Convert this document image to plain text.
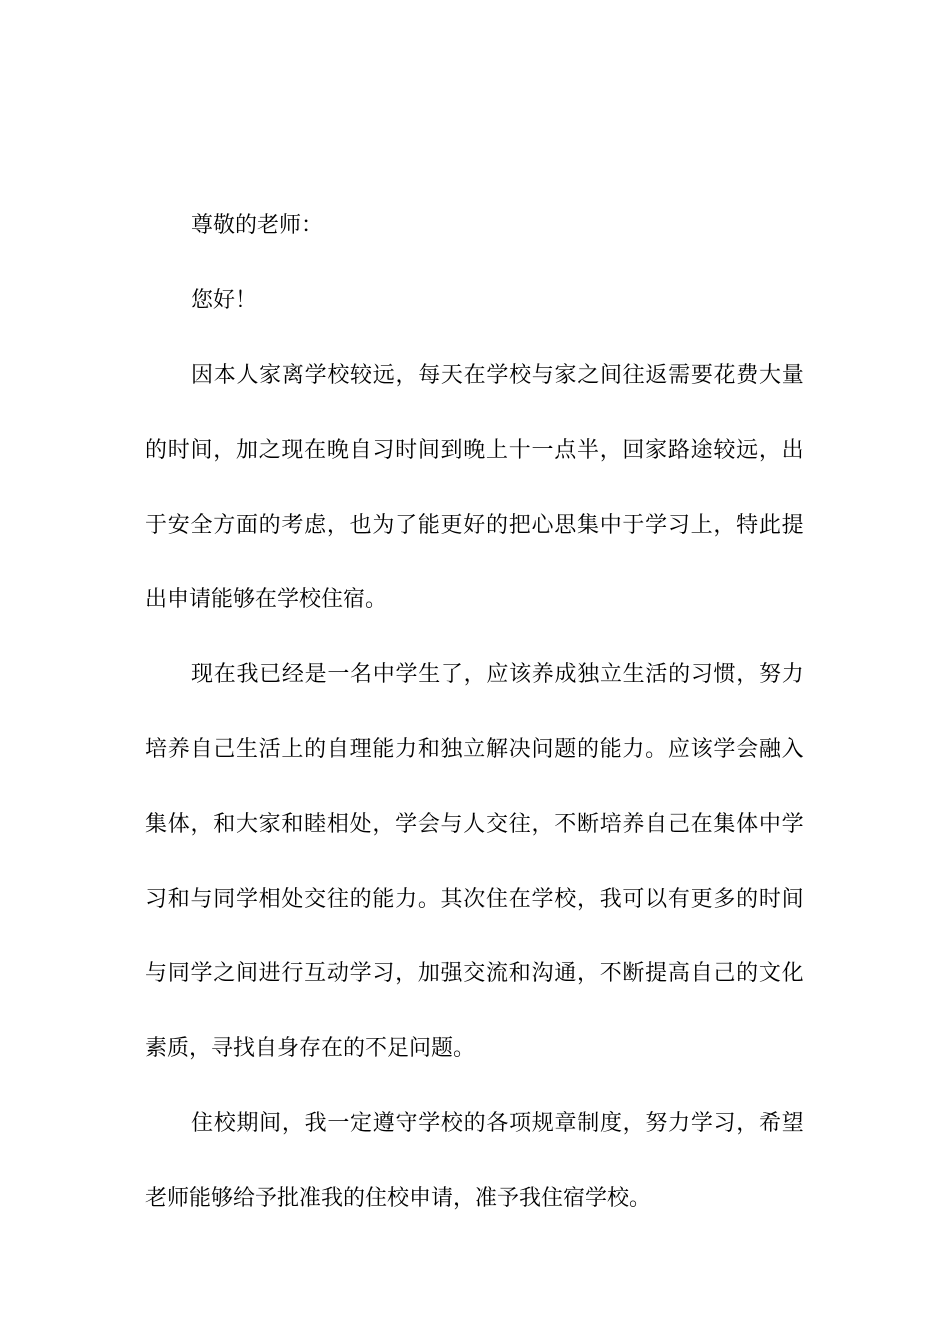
尊敬的老师：

您好！

因 本 人 家 离 学 校 较 远 ， 每 天 在 学 校 与 家 之 间 往 返 需 要 花 费 大 量

的 时 间 ， 加 之 现 在 晚 自 习 时 间 到 晚 上 十 一 点 半 ， 回 家 路 途 较 远 ， 出

于 安 全 方 面 的 考 虑 ， 也 为 了 能 更 好 的 把 心 思 集 中 于 学 习 上 ， 特 此 提

出申请能够在学校住宿。

现 在 我 已 经 是 一 名 中 学 生 了 ， 应 该 养 成 独 立 生 活 的 习 惯 ， 努 力

培 养 自 己 生 活 上 的 自 理 能 力 和 独 立 解 决 问 题 的 能 力 。 应 该 学 会 融 入

集 体 ， 和 大 家 和 睦 相 处 ， 学 会 与 人 交 往 ， 不 断 培 养 自 己 在 集 体 中 学

习 和 与 同 学 相 处 交 往 的 能 力 。 其 次 住 在 学 校 ， 我 可 以 有 更 多 的 时 间

与 同 学 之 间 进 行 互 动 学 习 ， 加 强 交 流 和 沟 通 ， 不 断 提 高 自 己 的 文 化

素质，寻找自身存在的不足问题。

住 校 期 间 ， 我 一 定 遵 守 学 校 的 各 项 规 章 制 度 ， 努 力 学 习 ， 希 望

老师能够给予批准我的住校申请，准予我住宿学校。
